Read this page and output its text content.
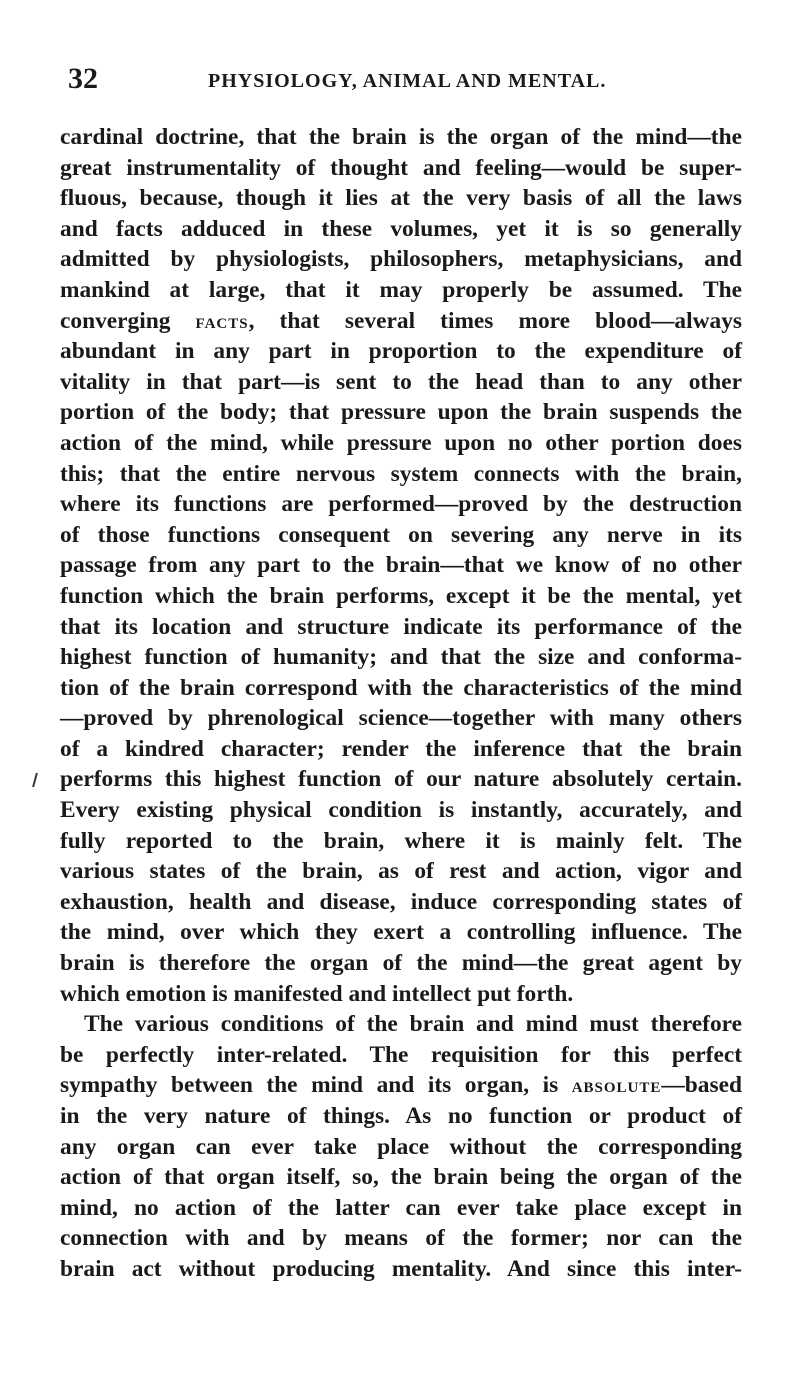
32	PHYSIOLOGY, ANIMAL AND MENTAL.
cardinal doctrine, that the brain is the organ of the mind—the
great instrumentality of thought and feeling—would be super-
fluous, because, though it lies at the very basis of all the laws
and facts adduced in these volumes, yet it is so generally
admitted by physiologists, philosophers, metaphysicians, and
mankind at large, that it may properly be assumed. The
converging facts, that several times more blood—always
abundant in any part in proportion to the expenditure of
vitality in that part—is sent to the head than to any other
portion of the body; that pressure upon the brain suspends the
action of the mind, while pressure upon no other portion does
this; that the entire nervous system connects with the brain,
where its functions are performed—proved by the destruction
of those functions consequent on severing any nerve in its
passage from any part to the brain—that we know of no other
function which the brain performs, except it be the mental, yet
that its location and structure indicate its performance of the
highest function of humanity; and that the size and conforma-
tion of the brain correspond with the characteristics of the mind
—proved by phrenological science—together with many others
of a kindred character; render the inference that the brain
performs this highest function of our nature absolutely certain.
Every existing physical condition is instantly, accurately, and
fully reported to the brain, where it is mainly felt. The
various states of the brain, as of rest and action, vigor and
exhaustion, health and disease, induce corresponding states of
the mind, over which they exert a controlling influence. The
brain is therefore the organ of the mind—the great agent by
which emotion is manifested and intellect put forth.
The various conditions of the brain and mind must therefore
be perfectly inter-related. The requisition for this perfect
sympathy between the mind and its organ, is absolute—based
in the very nature of things. As no function or product of
any organ can ever take place without the corresponding
action of that organ itself, so, the brain being the organ of the
mind, no action of the latter can ever take place except in
connection with and by means of the former; nor can the
brain act without producing mentality. And since this inter-
